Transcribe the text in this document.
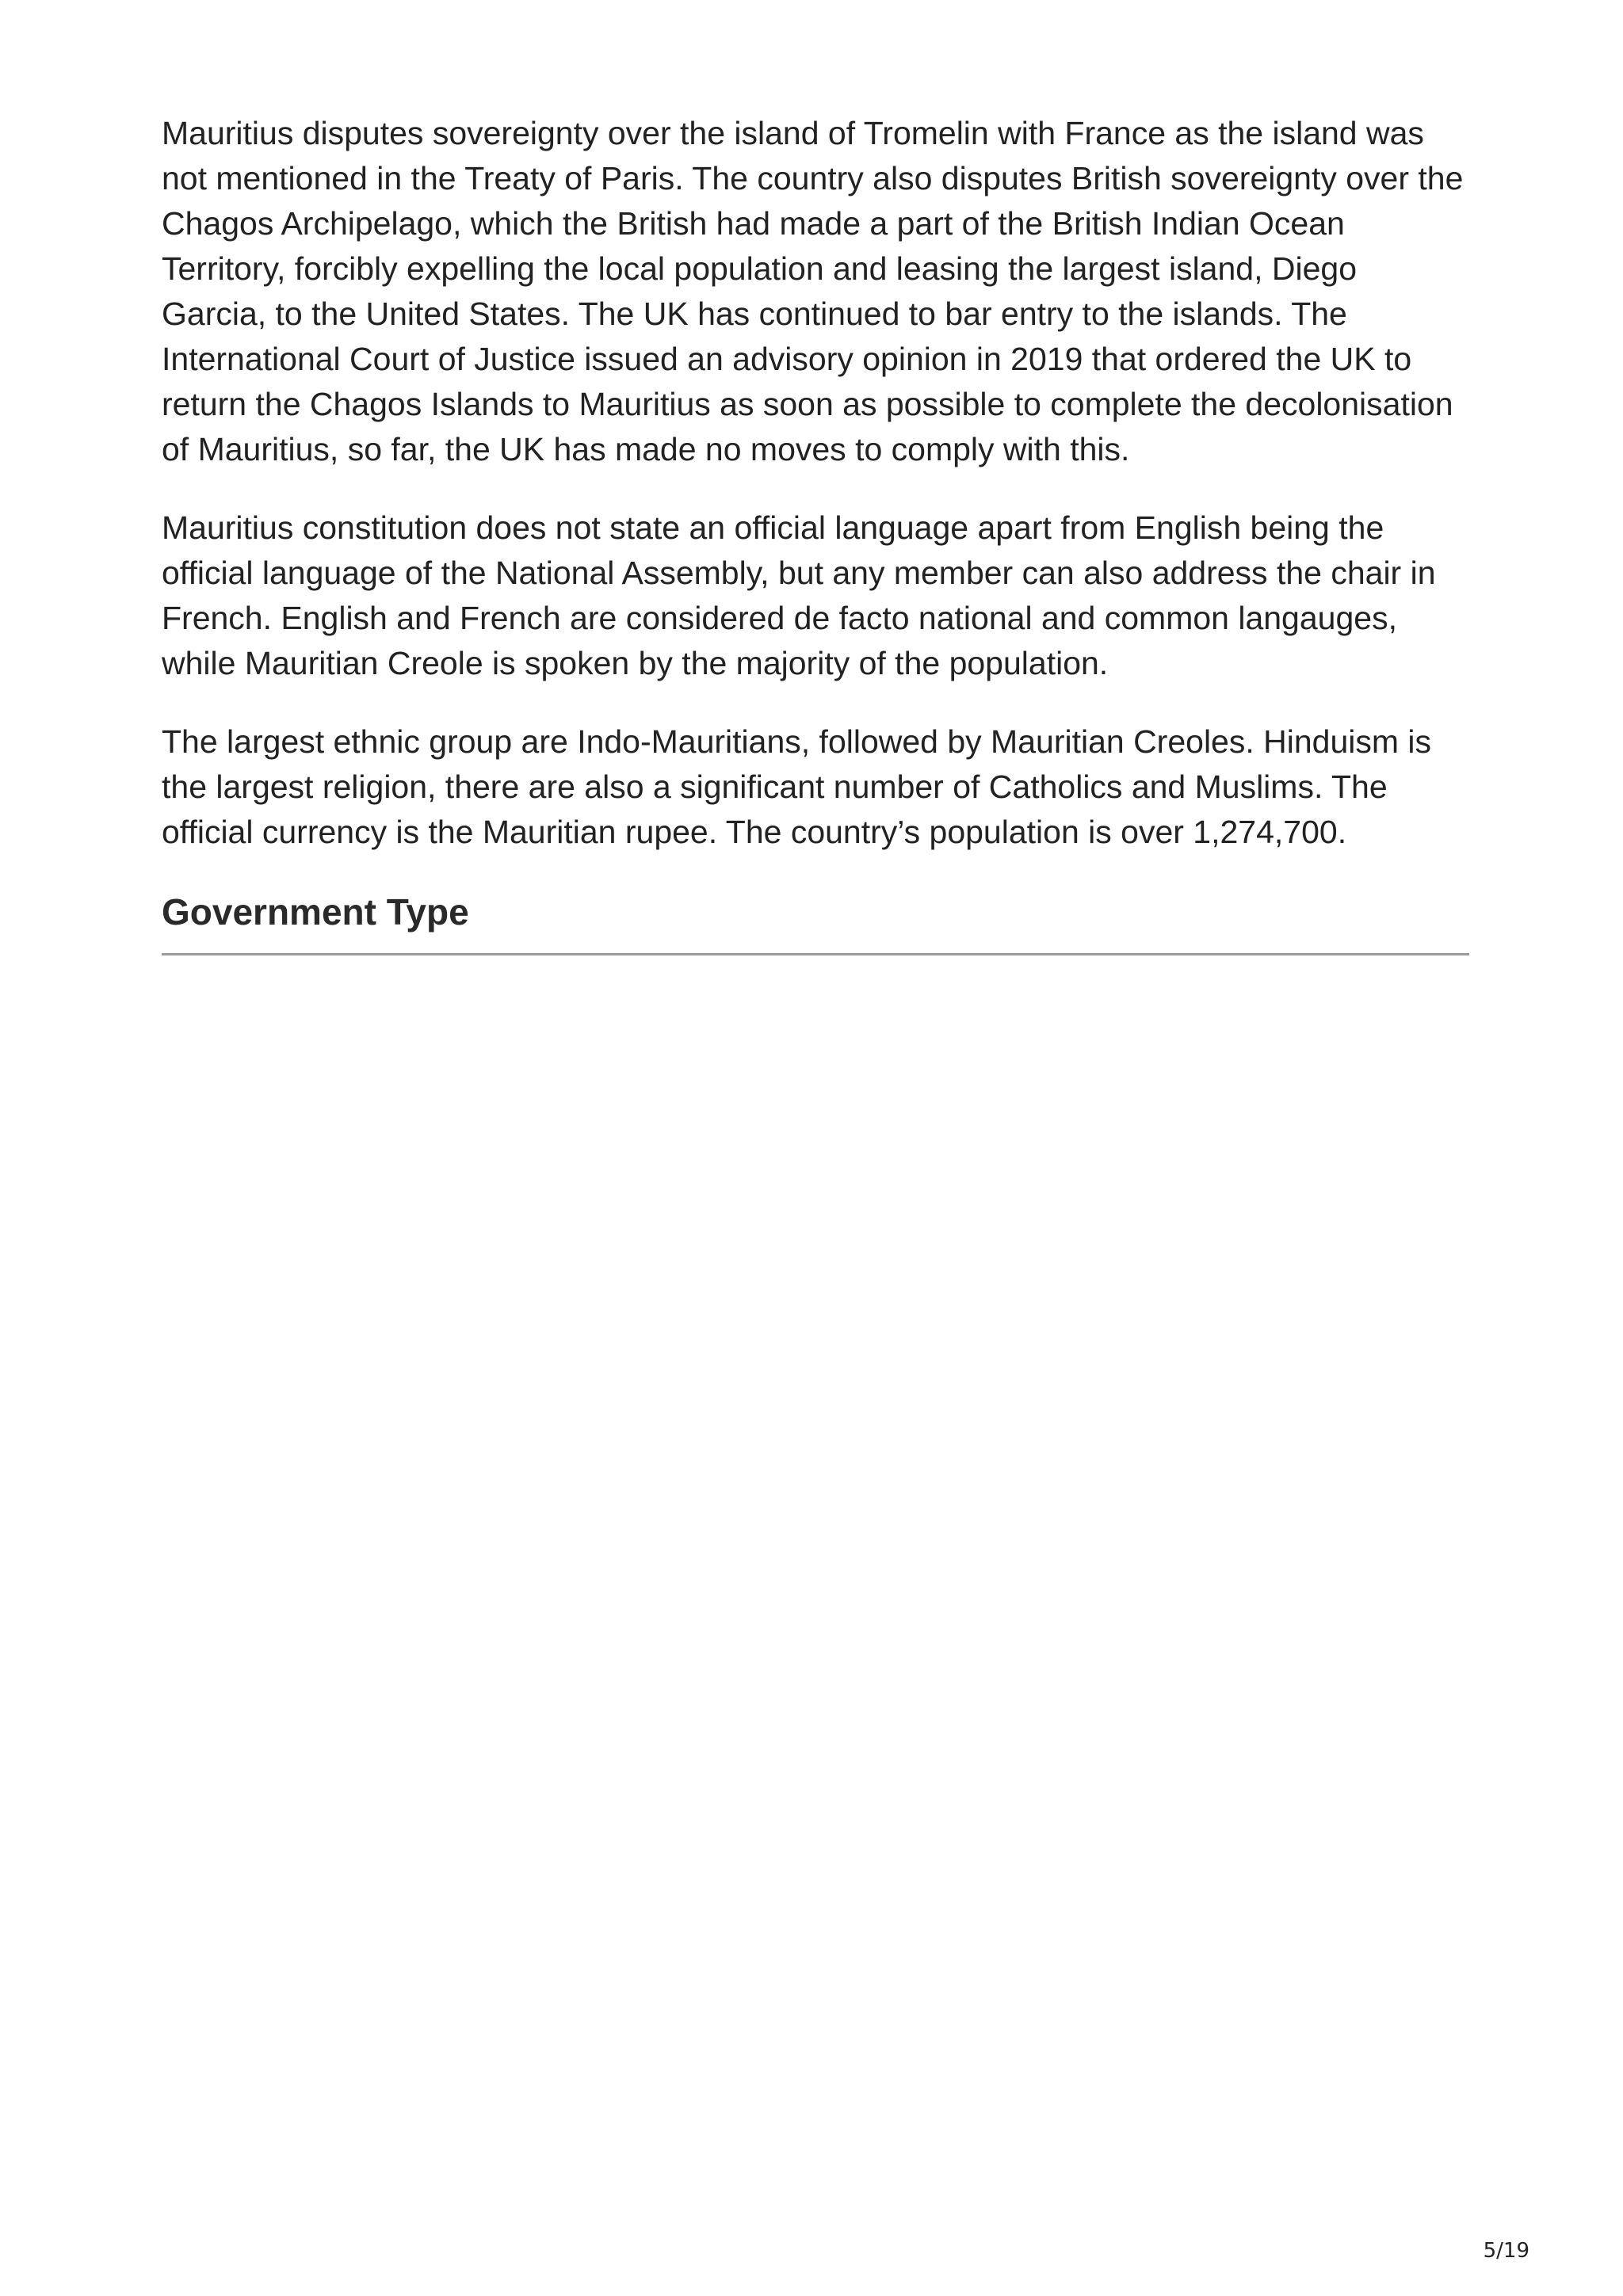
Mauritius disputes sovereignty over the island of Tromelin with France as the island was not mentioned in the Treaty of Paris. The country also disputes British sovereignty over the Chagos Archipelago, which the British had made a part of the British Indian Ocean Territory, forcibly expelling the local population and leasing the largest island, Diego Garcia, to the United States. The UK has continued to bar entry to the islands. The International Court of Justice issued an advisory opinion in 2019 that ordered the UK to return the Chagos Islands to Mauritius as soon as possible to complete the decolonisation of Mauritius, so far, the UK has made no moves to comply with this.

Mauritius constitution does not state an official language apart from English being the official language of the National Assembly, but any member can also address the chair in French. English and French are considered de facto national and common langauges, while Mauritian Creole is spoken by the majority of the population.

The largest ethnic group are Indo-Mauritians, followed by Mauritian Creoles. Hinduism is the largest religion, there are also a significant number of Catholics and Muslims. The official currency is the Mauritian rupee. The country’s population is over 1,274,700.

Government Type
5/19
